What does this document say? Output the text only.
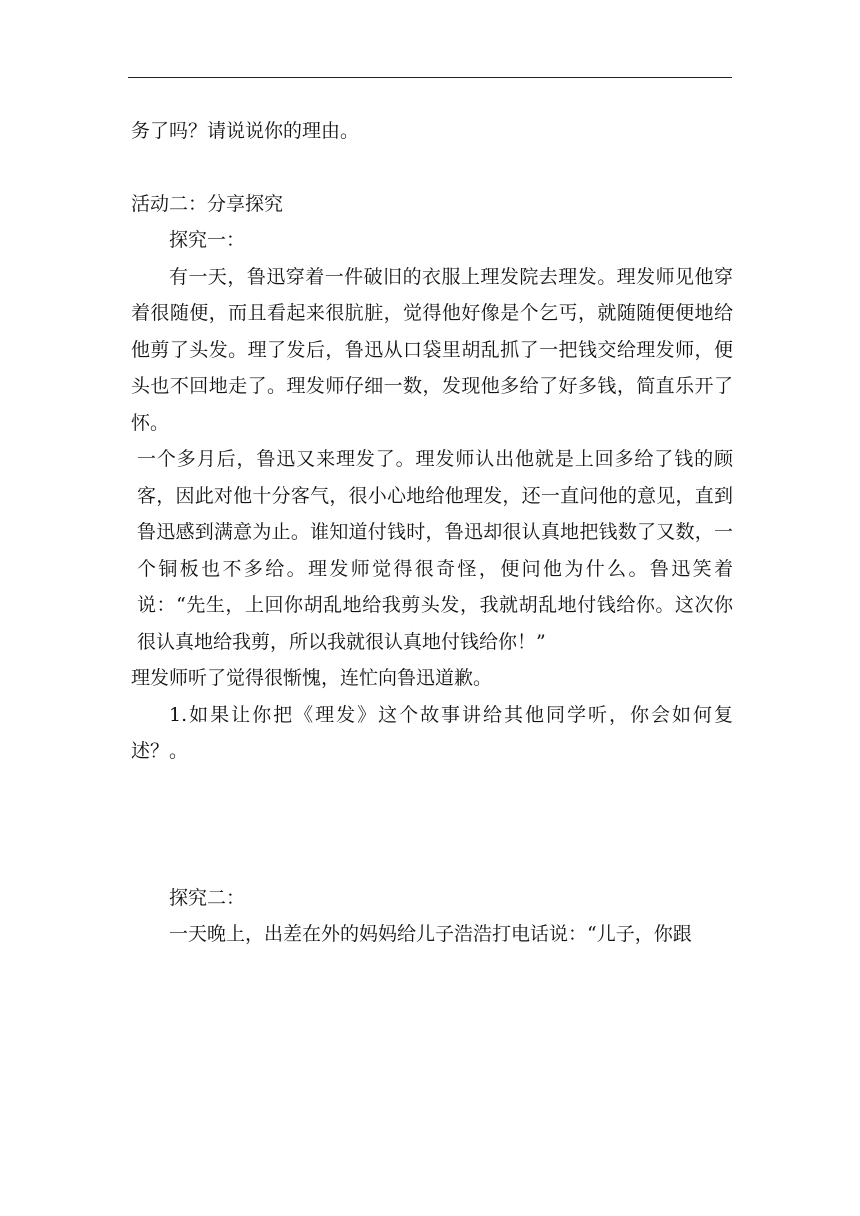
务了吗？请说说你的理由。

活动二：分享探究

探究一：

有一天，鲁迅穿着一件破旧的衣服上理发院去理发。理发师见他穿着很随便，而且看起来很肮脏，觉得他好像是个乞丐，就随随便便地给他剪了头发。理了发后，鲁迅从口袋里胡乱抓了一把钱交给理发师，便头也不回地走了。理发师仔细一数，发现他多给了好多钱，简直乐开了怀。

一个多月后，鲁迅又来理发了。理发师认出他就是上回多给了钱的顾客，因此对他十分客气，很小心地给他理发，还一直问他的意见，直到鲁迅感到满意为止。谁知道付钱时，鲁迅却很认真地把钱数了又数，一个铜板也不多给。理发师觉得很奇怪，便问他为什么。鲁迅笑着说：“先生，上回你胡乱地给我剪头发，我就胡乱地付钱给你。这次你很认真地给我剪，所以我就很认真地付钱给你！”

理发师听了觉得很惭愧，连忙向鲁迅道歉。

1.如果让你把《理发》这个故事讲给其他同学听，你会如何复述？。

探究二：

一天晚上，出差在外的妈妈给儿子浩浩打电话说：“儿子，你跟
